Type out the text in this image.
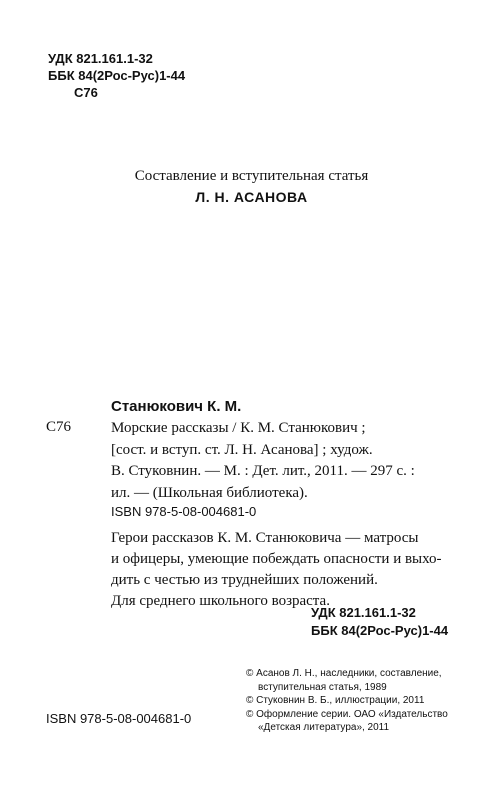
УДК 821.161.1-32
ББК 84(2Рос-Рус)1-44
С76
Составление и вступительная статья
Л. Н. АСАНОВА
Станюкович К. М.
С76	Морские рассказы / К. М. Станюкович ;
[сост. и вступ. ст. Л. Н. Асанова] ; худож.
В. Стуковнин. — М. : Дет. лит., 2011. — 297 с. :
ил. — (Школьная библиотека).
ISBN 978-5-08-004681-0
Герои рассказов К. М. Станюковича — матросы
и офицеры, умеющие побеждать опасности и выхо-
дить с честью из труднейших положений.
Для среднего школьного возраста.
УДК 821.161.1-32
ББК 84(2Рос-Рус)1-44
© Асанов Л. Н., наследники, составление,
вступительная статья, 1989
© Стуковнин В. Б., иллюстрации, 2011
© Оформление серии. ОАО «Издательство
«Детская литература», 2011
ISBN 978-5-08-004681-0
